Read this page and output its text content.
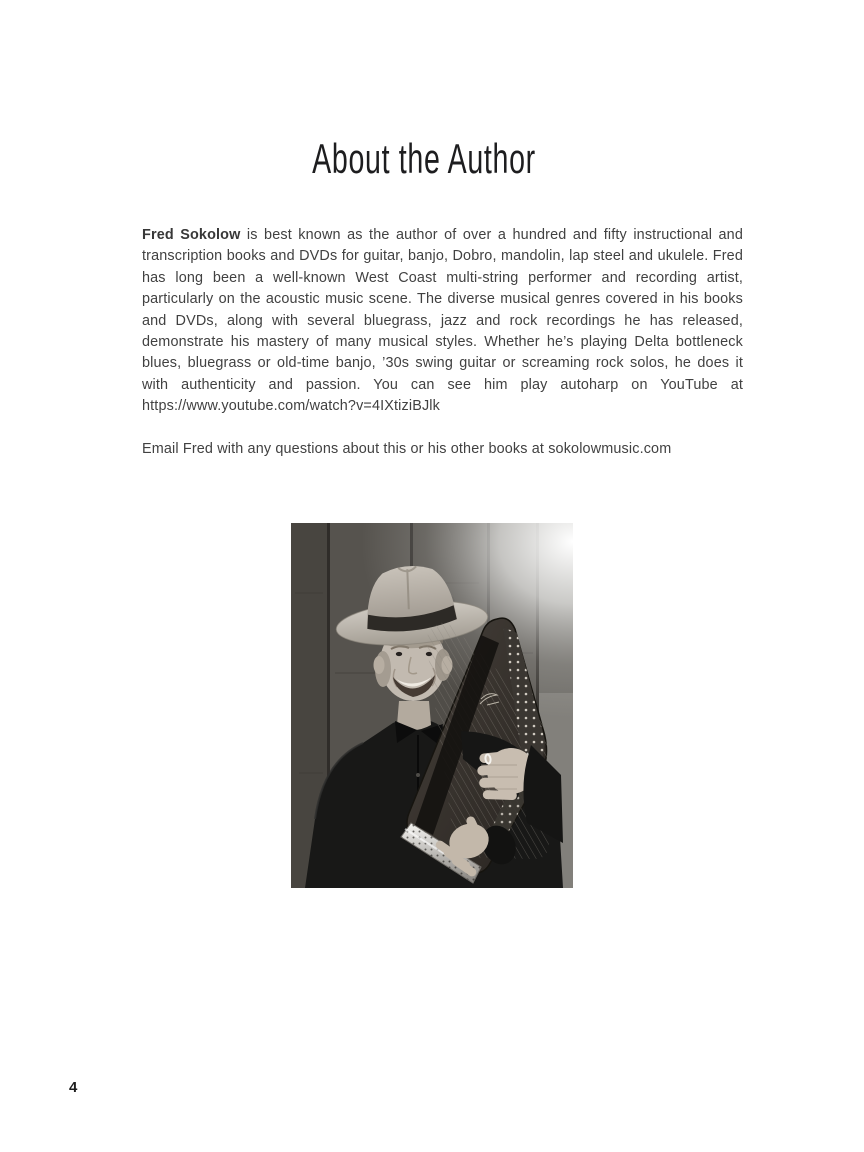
About the Author

Fred Sokolow is best known as the author of over a hundred and fifty instructional and transcription books and DVDs for guitar, banjo, Dobro, mandolin, lap steel and ukulele. Fred has long been a well-known West Coast multi-string performer and recording artist, particularly on the acoustic music scene. The diverse musical genres covered in his books and DVDs, along with several bluegrass, jazz and rock recordings he has released, demonstrate his mastery of many musical styles. Whether he’s playing Delta bottleneck blues, bluegrass or old-time banjo, ’30s swing guitar or screaming rock solos, he does it with authenticity and passion. You can see him play autoharp on YouTube at https://www.youtube.com/watch?v=4IXtiziBJlk

Email Fred with any questions about this or his other books at sokolowmusic.com

4
